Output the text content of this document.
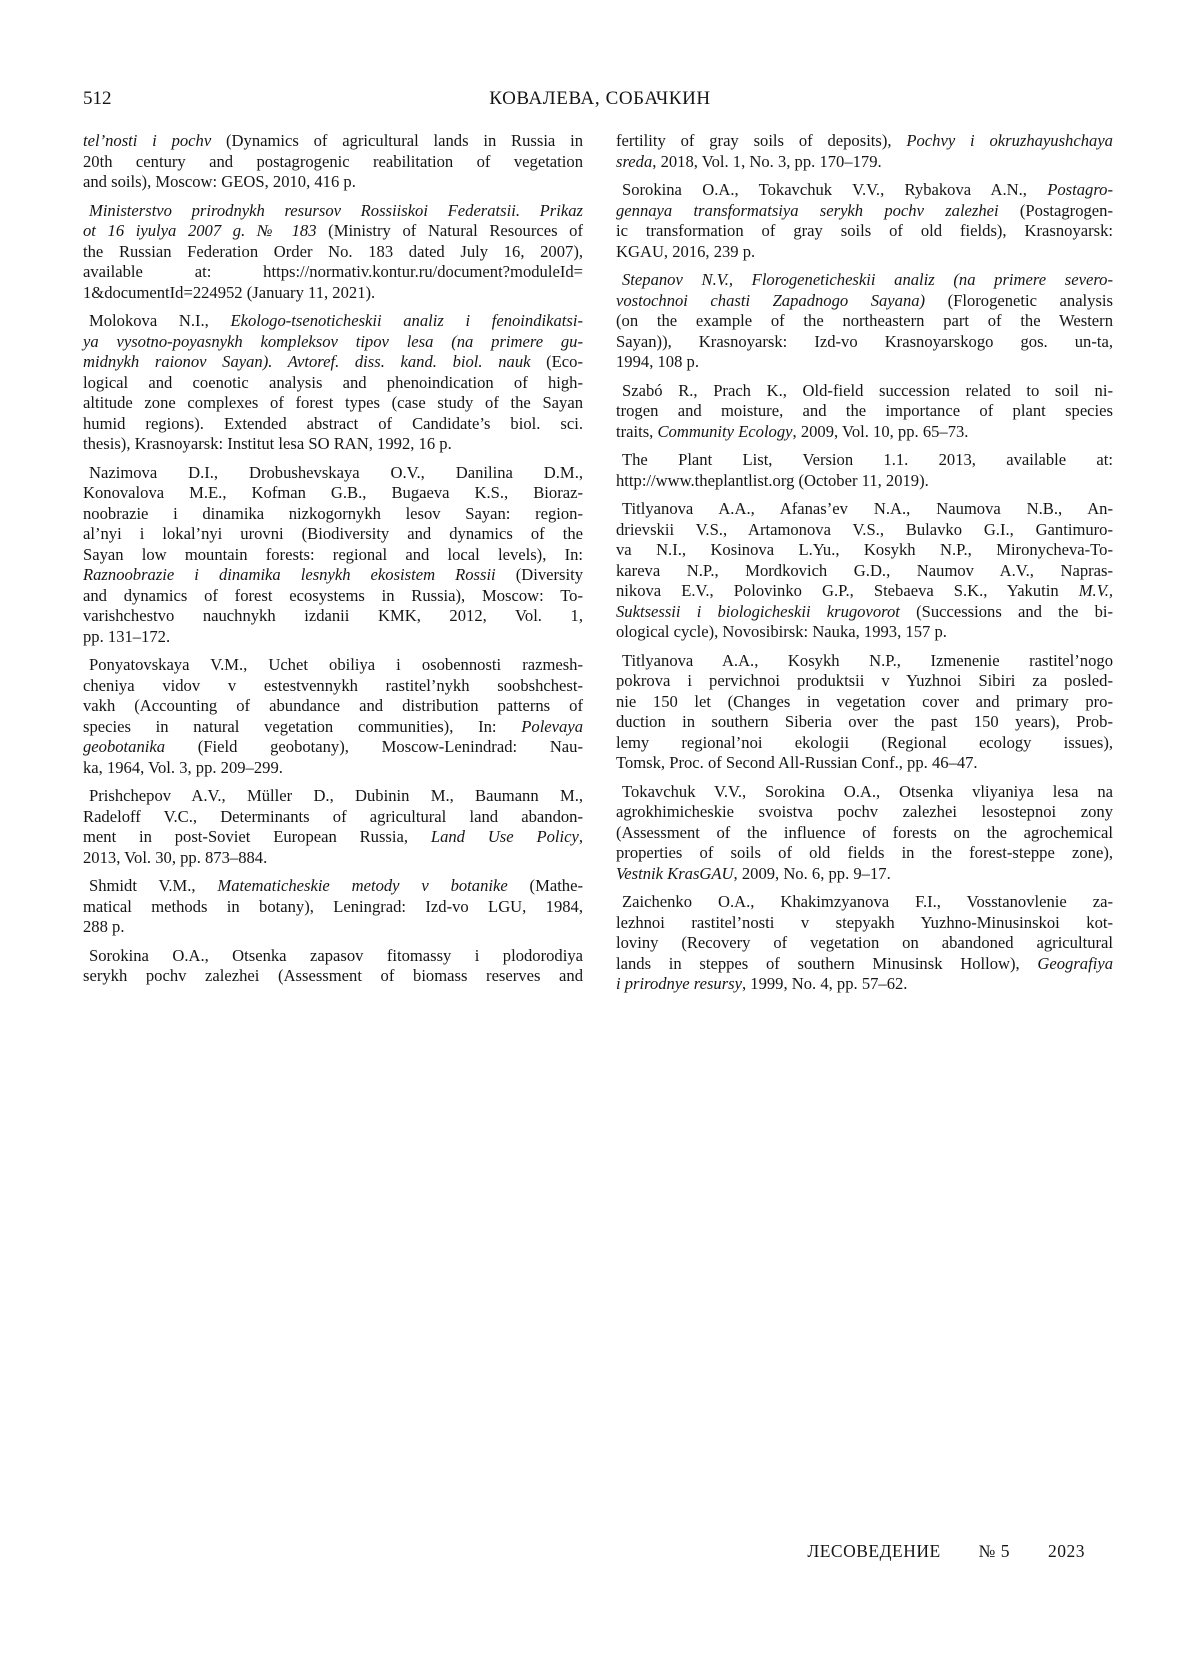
512	КОВАЛЕВА, СОБАЧКИН

tel’nosti i pochv (Dynamics of agricultural lands in Russia in
20th century and postagrogenic reabilitation of vegetation
and soils), Moscow: GEOS, 2010, 416 p.

Ministerstvo prirodnykh resursov Rossiiskoi Federatsii. Prikaz
ot 16 iyulya 2007 g. № 183 (Ministry of Natural Resources of
the Russian Federation Order No. 183 dated July 16, 2007),
available at: https://normativ.kontur.ru/document?moduleId=
1&documentId=224952 (January 11, 2021).

Molokova N.I., Ekologo-tsenoticheskii analiz i fenoindikatsi-
ya vysotno-poyasnykh kompleksov tipov lesa (na primere gu-
midnykh raionov Sayan). Avtoref. diss. kand. biol. nauk (Eco-
logical and coenotic analysis and phenoindication of high-
altitude zone complexes of forest types (case study of the Sayan
humid regions). Extended abstract of Candidate’s biol. sci.
thesis), Krasnoyarsk: Institut lesa SO RAN, 1992, 16 p.

Nazimova D.I., Drobushevskaya O.V., Danilina D.M.,
Konovalova M.E., Kofman G.B., Bugaeva K.S., Bioraz-
noobrazie i dinamika nizkogornykh lesov Sayan: region-
al’nyi i lokal’nyi urovni (Biodiversity and dynamics of the
Sayan low mountain forests: regional and local levels), In:
Raznoobrazie i dinamika lesnykh ekosistem Rossii (Diversity
and dynamics of forest ecosystems in Russia), Moscow: To-
varishchestvo nauchnykh izdanii KMK, 2012, Vol. 1,
pp. 131–172.

Ponyatovskaya V.M., Uchet obiliya i osobennosti razmesh-
cheniya vidov v estestvennykh rastitel’nykh soobshchest-
vakh (Accounting of abundance and distribution patterns of
species in natural vegetation communities), In: Polevaya
geobotanika (Field geobotany), Moscow-Lenindrad: Nau-
ka, 1964, Vol. 3, pp. 209–299.

Prishchepov A.V., Müller D., Dubinin M., Baumann M.,
Radeloff V.C., Determinants of agricultural land abandon-
ment in post-Soviet European Russia, Land Use Policy,
2013, Vol. 30, pp. 873–884.

Shmidt V.M., Matematicheskie metody v botanike (Mathe-
matical methods in botany), Leningrad: Izd-vo LGU, 1984,
288 p.

Sorokina O.A., Otsenka zapasov fitomassy i plodorodiya
serykh pochv zalezhei (Assessment of biomass reserves and

fertility of gray soils of deposits), Pochvy i okruzhayushchaya
sreda, 2018, Vol. 1, No. 3, pp. 170–179.

Sorokina O.A., Tokavchuk V.V., Rybakova A.N., Postagro-
gennaya transformatsiya serykh pochv zalezhei (Postagrogen-
ic transformation of gray soils of old fields), Krasnoyarsk:
KGAU, 2016, 239 p.

Stepanov N.V., Florogeneticheskii analiz (na primere severo-
vostochnoi chasti Zapadnogo Sayana) (Florogenetic analysis
(on the example of the northeastern part of the Western
Sayan)), Krasnoyarsk: Izd-vo Krasnoyarskogo gos. un-ta,
1994, 108 p.

Szabó R., Prach K., Old-field succession related to soil ni-
trogen and moisture, and the importance of plant species
traits, Community Ecology, 2009, Vol. 10, pp. 65–73.

The Plant List, Version 1.1. 2013, available at:
http://www.theplantlist.org (October 11, 2019).

Titlyanova A.A., Afanas’ev N.A., Naumova N.B., An-
drievskii V.S., Artamonova V.S., Bulavko G.I., Gantimuro-
va N.I., Kosinova L.Yu., Kosykh N.P., Mironycheva-To-
kareva N.P., Mordkovich G.D., Naumov A.V., Napras-
nikova E.V., Polovinko G.P., Stebaeva S.K., Yakutin M.V.,
Suktsessii i biologicheskii krugovorot (Successions and the bi-
ological cycle), Novosibirsk: Nauka, 1993, 157 p.

Titlyanova A.A., Kosykh N.P., Izmenenie rastitel’nogo
pokrova i pervichnoi produktsii v Yuzhnoi Sibiri za posled-
nie 150 let (Changes in vegetation cover and primary pro-
duction in southern Siberia over the past 150 years), Prob-
lemy regional’noi ekologii (Regional ecology issues),
Tomsk, Proc. of Second All-Russian Conf., pp. 46–47.

Tokavchuk V.V., Sorokina O.A., Otsenka vliyaniya lesa na
agrokhimicheskie svoistva pochv zalezhei lesostepnoi zony
(Assessment of the influence of forests on the agrochemical
properties of soils of old fields in the forest-steppe zone),
Vestnik KrasGAU, 2009, No. 6, pp. 9–17.

Zaichenko O.A., Khakimzyanova F.I., Vosstanovlenie za-
lezhnoi rastitel’nosti v stepyakh Yuzhno-Minusinskoi kot-
loviny (Recovery of vegetation on abandoned agricultural
lands in steppes of southern Minusinsk Hollow), Geografiya
i prirodnye resursy, 1999, No. 4, pp. 57–62.

ЛЕСОВЕДЕНИЕ № 5 2023
